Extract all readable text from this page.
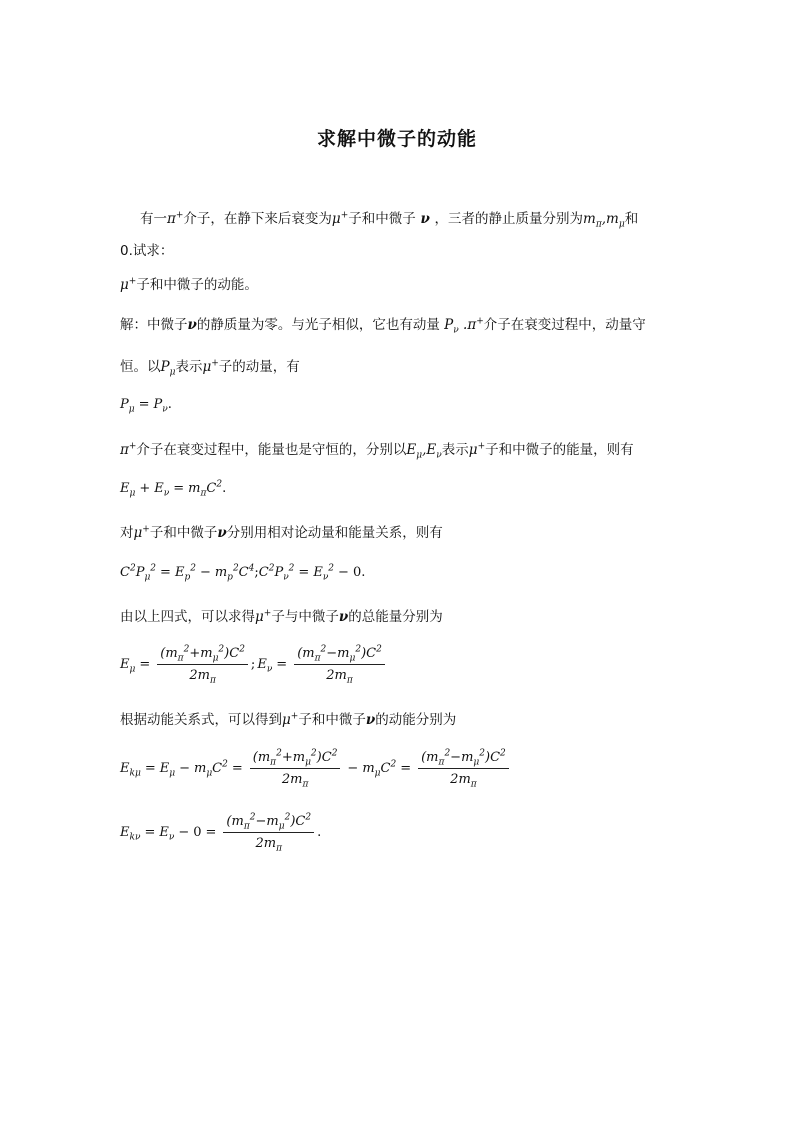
求解中微子的动能
有一π+介子，在静下来后衰变为μ+子和中微子 ν ，三者的静止质量分别为$m_\pi,m_\mu$和
0.试求：
μ+子和中微子的动能。
解：中微子ν的静质量为零。与光子相似，它也有动量 $P_\nu$ .π+介子在衰变过程中，动量守
恒。以$P_\mu$表示μ+子的动量，有
$P_\mu = P_\nu$ .
π+介子在衰变过程中，能量也是守恒的，分别以$E_\mu,E_\nu$表示μ+子和中微子的能量，则有
$E_\mu + E_\nu = m_\pi C^2$ .
对μ+子和中微子ν分别用相对论动量和能量关系，则有
$C^2P_\mu^2 = E_p^2 - m_p^2C^4$ ; $C^2P_\nu^2 = E_\nu^2 - 0$.
由以上四式，可以求得μ+子与中微子ν的总能量分别为
$E_\mu = \frac{(m_\pi^2+m_\mu^2)C^2}{2m_\pi}$ ; $E_\nu = \frac{(m_\pi^2-m_\mu^2)C^2}{2m_\pi}$
根据动能关系式，可以得到μ+子和中微子ν的动能分别为
$E_{k\mu} = E_\mu - m_\mu C^2 = \frac{(m_\pi^2+m_\mu^2)C^2}{2m_\pi} - m_\mu C^2 = \frac{(m_\pi^2-m_\mu^2)C^2}{2m_\pi}$
$E_{k\nu} = E_\nu - 0 = \frac{(m_\pi^2-m_\mu^2)C^2}{2m_\pi}$ .
